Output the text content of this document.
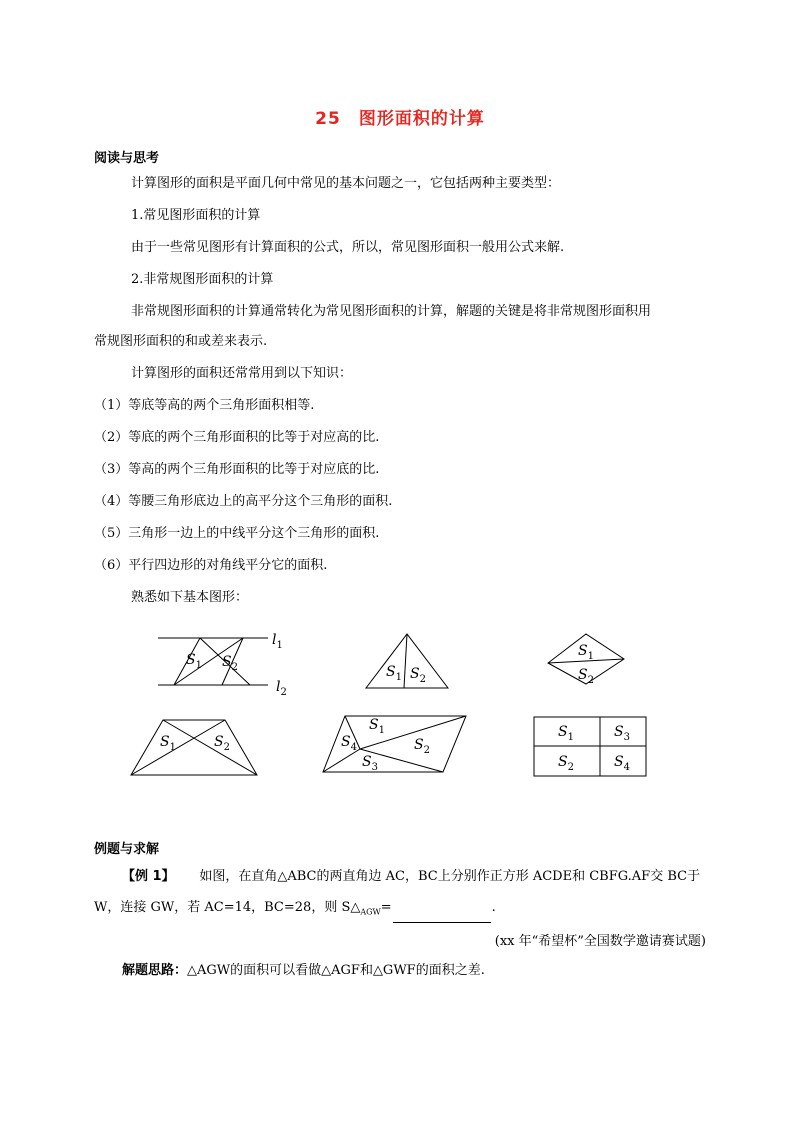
25 图形面积的计算
阅读与思考
计算图形的面积是平面几何中常见的基本问题之一，它包括两种主要类型：
1.常见图形面积的计算
由于一些常见图形有计算面积的公式，所以，常见图形面积一般用公式来解.
2.非常规图形面积的计算
非常规图形面积的计算通常转化为常见图形面积的计算，解题的关键是将非常规图形面积用
常规图形面积的和或差来表示.
计算图形的面积还常常用到以下知识：
（1）等底等高的两个三角形面积相等.
（2）等底的两个三角形面积的比等于对应高的比.
（3）等高的两个三角形面积的比等于对应底的比.
（4）等腰三角形底边上的高平分这个三角形的面积.
（5）三角形一边上的中线平分这个三角形的面积.
（6）平行四边形的对角线平分它的面积.
熟悉如下基本图形：
$l_1$
$l_2$
$S_1$ $S_2$	$S_1$ $S_2$
$S_1$
$S_2$
$S_1$	$S_2$
$S_1$
$S_2$
$S_3$
$S_4$
$S_1$	$S_3$
$S_2$	$S_4$
例题与求解
【例 1】 如图，在直角△ABC的两直角边 AC，BC上分别作正方形 ACDE和 CBFG.AF交 BC于
W，连接 GW，若 AC=14，BC=28，则 $S\triangle_{AGW}=$	.
(xx 年“希望杯”全国数学邀请赛试题)
解题思路：△AGW的面积可以看做△AGF和△GWF的面积之差.
